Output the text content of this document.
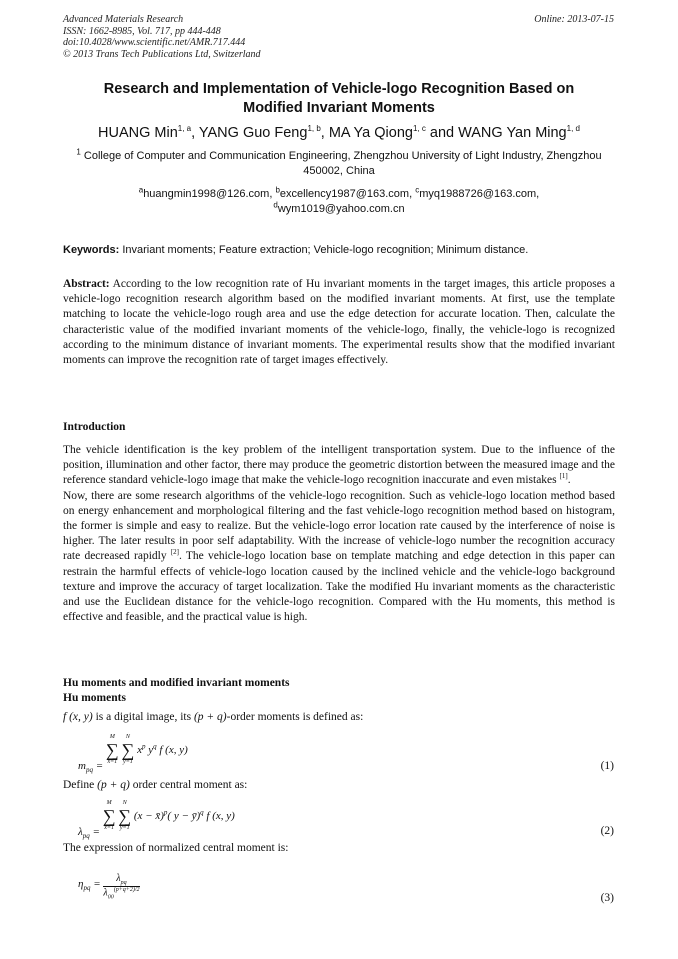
Advanced Materials Research
ISSN: 1662-8985, Vol. 717, pp 444-448
doi:10.4028/www.scientific.net/AMR.717.444
© 2013 Trans Tech Publications Ltd, Switzerland
Online: 2013-07-15
Research and Implementation of Vehicle-logo Recognition Based on
Modified Invariant Moments
HUANG Min$^{1, a}$, YANG Guo Feng$^{1, b}$, MA Ya Qiong$^{1, c}$ and WANG Yan Ming$^{1, d}$
$^1$ College of Computer and Communication Engineering, Zhengzhou University of Light Industry, Zhengzhou 450002, China
$^a$huangmin1998@126.com, $^b$excellency1987@163.com, $^c$myq1988726@163.com,
$^d$wym1019@yahoo.com.cn
Keywords: Invariant moments; Feature extraction; Vehicle-logo recognition; Minimum distance.
Abstract: According to the low recognition rate of Hu invariant moments in the target images, this article proposes a vehicle-logo recognition research algorithm based on the modified invariant moments. At first, use the template matching to locate the vehicle-logo rough area and use the edge detection for accurate location. Then, calculate the characteristic value of the modified invariant moments of the vehicle-logo, finally, the vehicle-logo is recognized according to the minimum distance of invariant moments. The experimental results show that the modified invariant moments can improve the recognition rate of target images effectively.
Introduction
The vehicle identification is the key problem of the intelligent transportation system. Due to the influence of the position, illumination and other factor, there may produce the geometric distortion between the measured image and the reference standard vehicle-logo image that make the vehicle-logo recognition inaccurate and even mistakes [1].
Now, there are some research algorithms of the vehicle-logo recognition. Such as vehicle-logo location method based on energy enhancement and morphological filtering and the fast vehicle-logo recognition method based on histogram, the former is simple and easy to realize. But the vehicle-logo error location rate caused by the interference of noise is higher. The later results in poor self adaptability. With the increase of vehicle-logo number the recognition accuracy rate decreased rapidly [2]. The vehicle-logo location base on template matching and edge detection in this paper can restrain the harmful effects of vehicle-logo location caused by the inclined vehicle and the vehicle-logo background texture and improve the accuracy of target localization. Take the modified Hu invariant moments as the characteristic and use the Euclidean distance for the vehicle-logo recognition. Compared with the Hu moments, this method is effective and feasible, and the practical value is high.
Hu moments and modified invariant moments
Hu moments
f (x, y) is a digital image, its (p + q)-order moments is defined as:
$m_{pq}$ =
M
∑
x=1

N
∑
y=1
$x^p$ $y^q$ f (x, y)
(1)
Define (p + q) order central moment as:
$\lambda_{pq}$ =
M
∑
x=1

N
∑
y=1
(x − x̄)$^p$( y − ȳ)$^q$ f (x, y)
(2)
The expression of normalized central moment is:
$\eta_{pq}$ =	$\lambda_{pq}$
$\lambda_{00}^{(p+q+2)/2}$
(3)
